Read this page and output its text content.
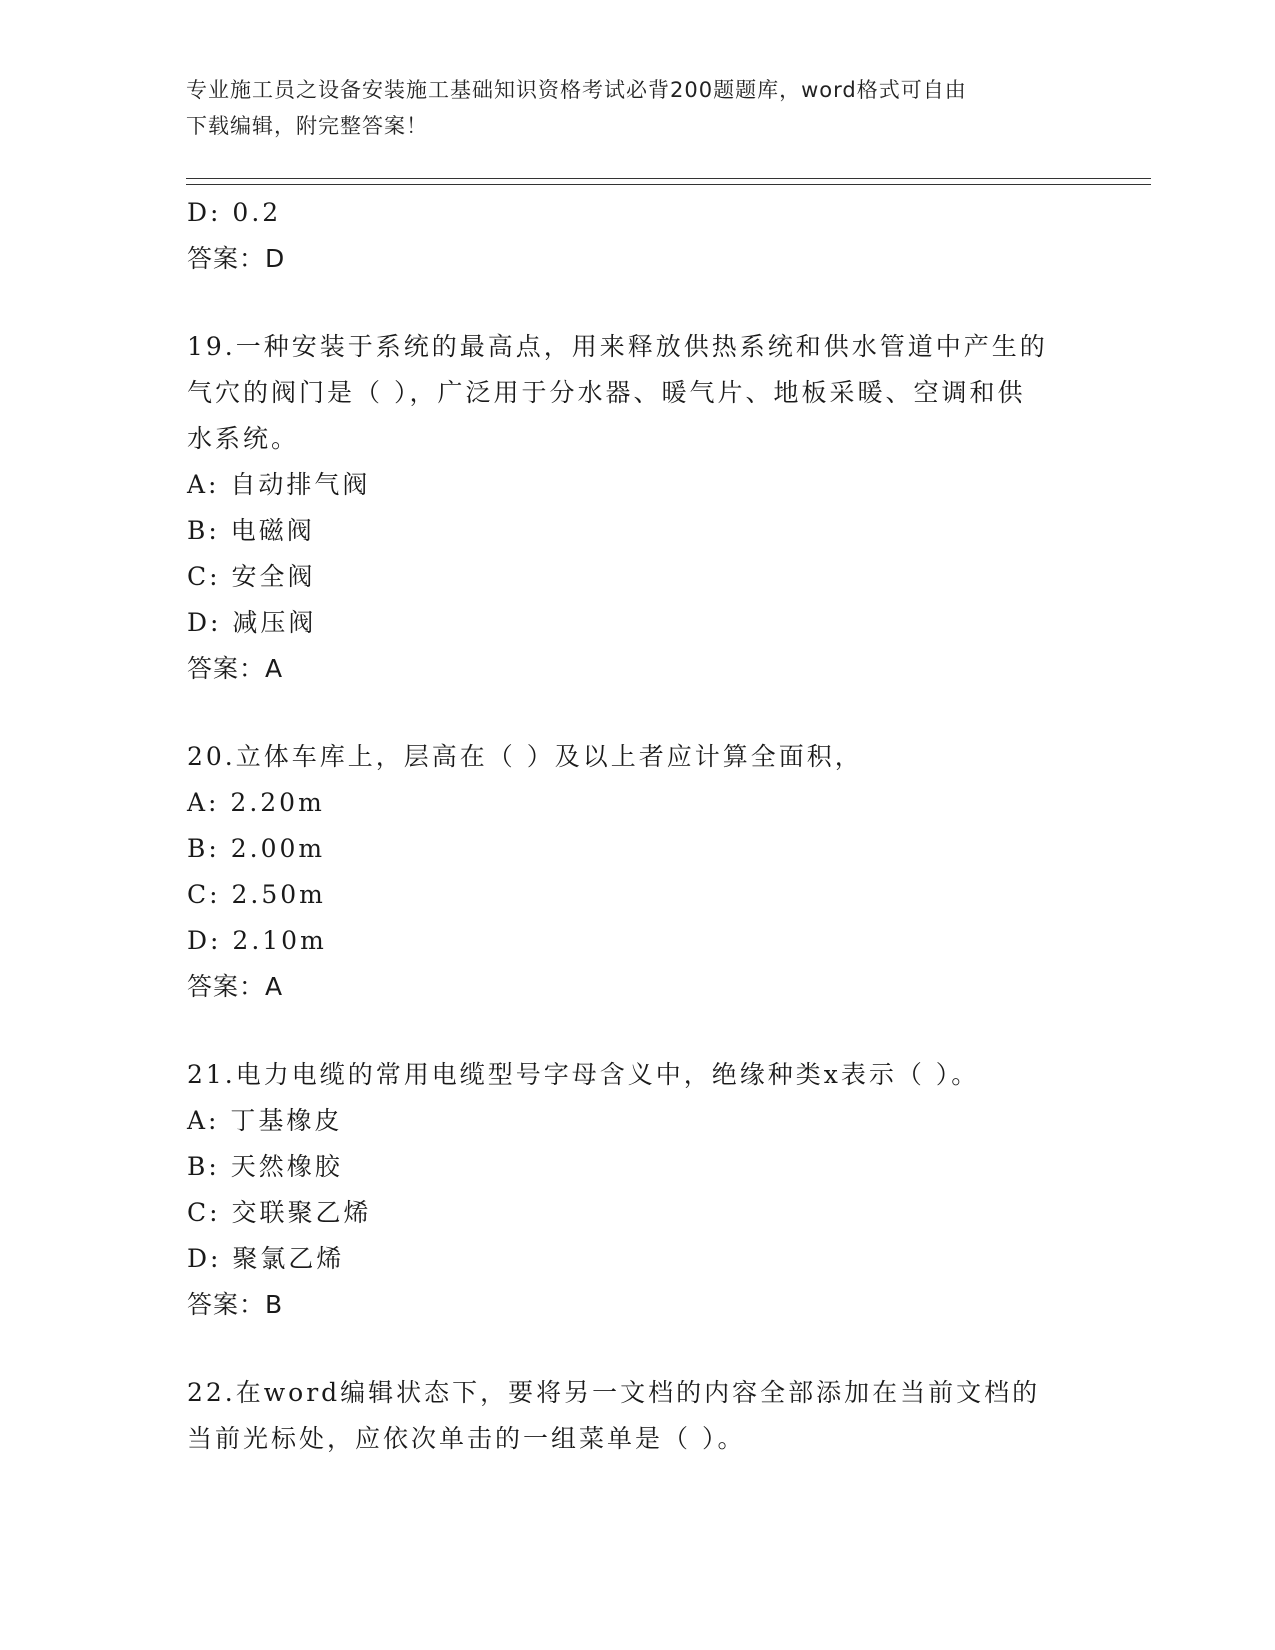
专业施工员之设备安装施工基础知识资格考试必背200题题库，word格式可自由
下载编辑，附完整答案！
D: 0.2
答案：D
19.一种安装于系统的最高点，用来释放供热系统和供水管道中产生的
气穴的阀门是（ ），广泛用于分水器、暖气片、地板采暖、空调和供
水系统。
A: 自动排气阀
B: 电磁阀
C: 安全阀
D: 减压阀
答案：A
20.立体车库上，层高在（ ）及以上者应计算全面积，
A: 2.20m
B: 2.00m
C: 2.50m
D: 2.10m
答案：A
21.电力电缆的常用电缆型号字母含义中，绝缘种类x表示（ ）。
A: 丁基橡皮
B: 天然橡胶
C: 交联聚乙烯
D: 聚氯乙烯
答案：B
22.在word编辑状态下，要将另一文档的内容全部添加在当前文档的
当前光标处，应依次单击的一组菜单是（ ）。
